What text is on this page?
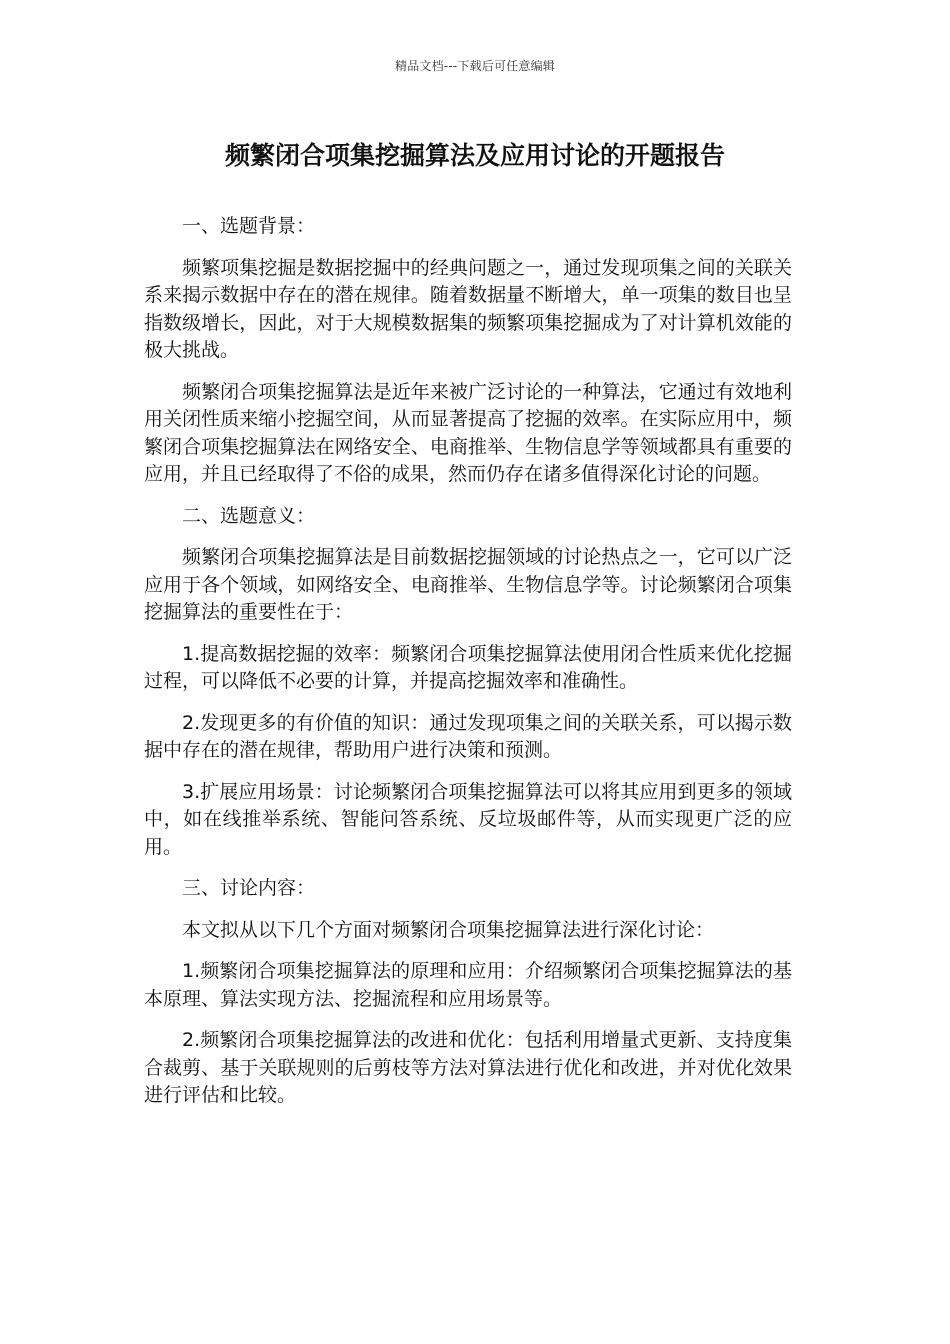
精品文档---下载后可任意编辑
频繁闭合项集挖掘算法及应用讨论的开题报告

一、选题背景：

频繁项集挖掘是数据挖掘中的经典问题之一，通过发现项集之间的关联关系来揭示数据中存在的潜在规律。随着数据量不断增大，单一项集的数目也呈指数级增长，因此，对于大规模数据集的频繁项集挖掘成为了对计算机效能的极大挑战。

频繁闭合项集挖掘算法是近年来被广泛讨论的一种算法，它通过有效地利用关闭性质来缩小挖掘空间，从而显著提高了挖掘的效率。在实际应用中，频繁闭合项集挖掘算法在网络安全、电商推举、生物信息学等领域都具有重要的应用，并且已经取得了不俗的成果，然而仍存在诸多值得深化讨论的问题。

二、选题意义：

频繁闭合项集挖掘算法是目前数据挖掘领域的讨论热点之一，它可以广泛应用于各个领域，如网络安全、电商推举、生物信息学等。讨论频繁闭合项集挖掘算法的重要性在于：

1.提高数据挖掘的效率：频繁闭合项集挖掘算法使用闭合性质来优化挖掘过程，可以降低不必要的计算，并提高挖掘效率和准确性。

2.发现更多的有价值的知识：通过发现项集之间的关联关系，可以揭示数据中存在的潜在规律，帮助用户进行决策和预测。

3.扩展应用场景：讨论频繁闭合项集挖掘算法可以将其应用到更多的领域中，如在线推举系统、智能问答系统、反垃圾邮件等，从而实现更广泛的应用。

三、讨论内容：

本文拟从以下几个方面对频繁闭合项集挖掘算法进行深化讨论：

1.频繁闭合项集挖掘算法的原理和应用：介绍频繁闭合项集挖掘算法的基本原理、算法实现方法、挖掘流程和应用场景等。

2.频繁闭合项集挖掘算法的改进和优化：包括利用增量式更新、支持度集合裁剪、基于关联规则的后剪枝等方法对算法进行优化和改进，并对优化效果进行评估和比较。
